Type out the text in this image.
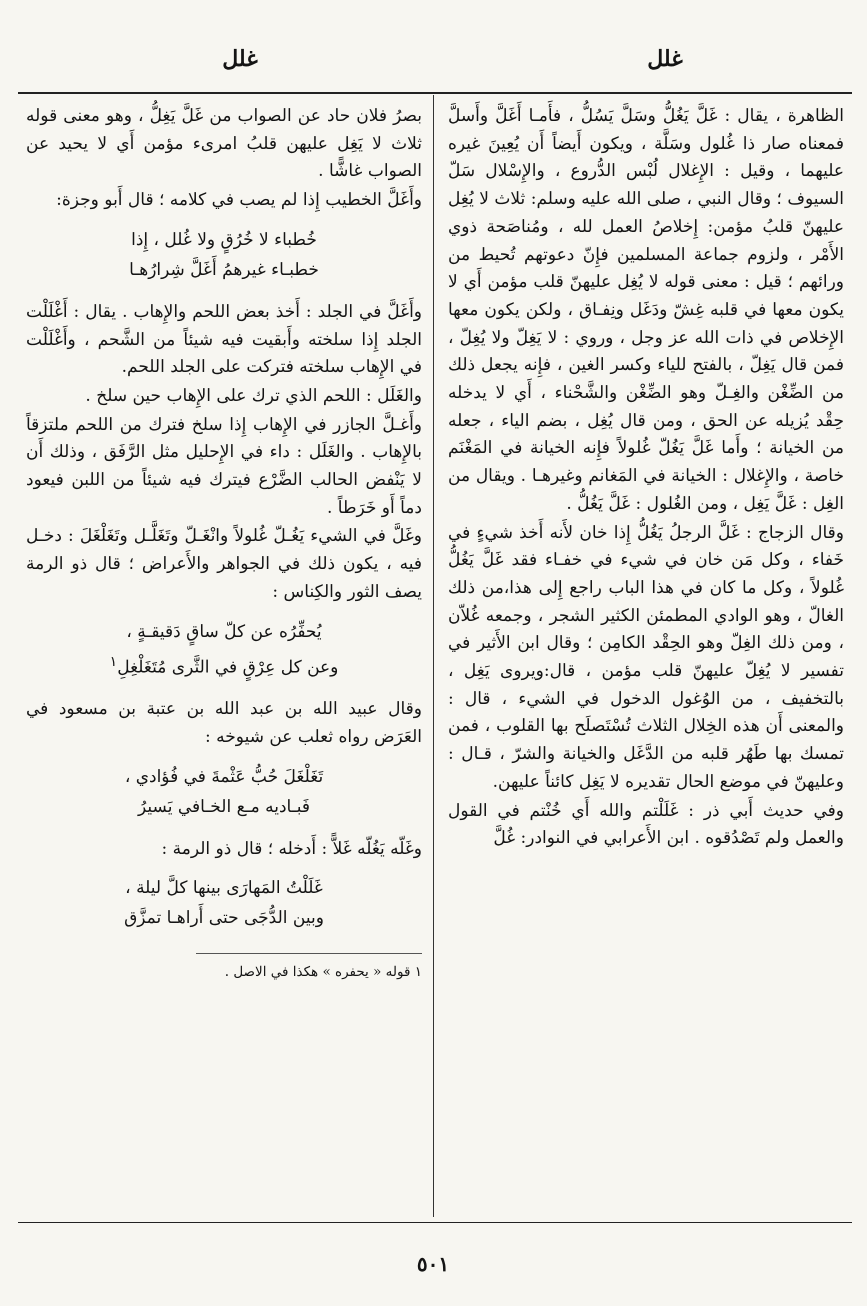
غلل
غلل

الظاهرة ، يقال : غَلَّ يَغُلُّ وسَلَّ يَسُلُّ ، فأَمـا أَغَلَّ وأَسلَّ فمعناه صار ذا غُلول وسَلَّة ، ويكون أَيضاً أَن يُعِينَ غيره عليهما ، وقيل : الإِغلال لُبْس الدُّروع ، والإِسْلال سَلّ السيوف ؛ وقال النبي ، صلى الله عليه وسلم: ثلاث لا يُغِل عليهنّ قلبُ مؤمن: إِخلاصُ العمل لله ، ومُناصَحة ذوي الأَمْر ، ولزوم جماعة المسلمين فإِنّ دعوتهم تُحيط من ورائهم ؛ قيل : معنى قوله لا يُغِل عليهنّ قلب مؤمن أَي لا يكون معها في قلبه غِشّ ودَغَل ونِفـاق ، ولكن يكون معها الإِخلاص في ذات الله عز وجل ، وروي : لا يَغِلّ ولا يُغِلّ ، فمن قال يَغِلّ ، بالفتح للياء وكسر الغين ، فإِنه يجعل ذلك من الضِّغْن والغِـلّ وهو الضِّغْن والشَّحْناء ، أَي لا يدخله حِقْد يُزيله عن الحق ، ومن قال يُغِل ، بضم الياء ، جعله من الخيانة ؛ وأَما غَلَّ يَغُلّ غُلولاً فإِنه الخيانة في المَغْنَم خاصة ، والإِغلال : الخيانة في المَغانم وغيرهـا . ويقال من الغِل : غَلَّ يَغِل ، ومن الغُلول : غَلَّ يَغُلُّ .

وقال الزجاج : غَلَّ الرجلُ يَغُلُّ إِذا خان لأَنه أَخذ شيءٍ في خَفاء ، وكل مَن خان في شيء في خفـاء فقد غَلَّ يَغُلُّ غُلولاً ، وكل ما كان في هذا الباب راجع إِلى هذا،من ذلك الغالّ ، وهو الوادي المطمئن الكثير الشجر ، وجمعه غُلاّن ، ومن ذلك الغِلّ وهو الحِقْد الكامِن ؛ وقال ابن الأَثير في تفسير لا يُغِلّ عليهنّ قلب مؤمن ، قال:ويروى يَغِل ، بالتخفيف ، من الوُغول الدخول في الشيء ، قال : والمعنى أَن هذه الخِلال الثلاث تُسْتَصلَح بها القلوب ، فمن تمسك بها طَهُر قلبه من الدَّغَل والخيانة والشرّ ، قـال : وعليهنّ في موضع الحال تقديره لا يَغِل كائناً عليهن.

وفي حديث أَبي ذر : غَلَلْتم والله أَي خُنْتم في القول والعمل ولم تَصْدُقوه . ابن الأَعرابي في النوادر: غُلَّ

بصرُ فلان حاد عن الصواب من غَلَّ يَغِلُّ ، وهو معنى قوله ثلاث لا يَغِل عليهن قلبُ امرىء مؤمن أَي لا يحيد عن الصواب غاشًّا .

وأَغَلَّ الخطيب إِذا لم يصب في كلامه ؛ قال أَبو وجزة:

خُطباء لا خُرُقٍ ولا غُلل ، إِذا
خطبـاء غيرهمُ أَغَلَّ شِرارُهـا

وأَغَلَّ في الجلد : أَخذ بعض اللحم والإِهاب . يقال : أَغْلَلْت الجلد إِذا سلخته وأَبقيت فيه شيئاً من الشَّحم ، وأَغْلَلْت في الإِهاب سلخته فتركت على الجلد اللحم.

والغَلَل : اللحم الذي ترك على الإِهاب حين سلخ .

وأَغـلَّ الجازر في الإِهاب إِذا سلخ فترك من اللحم ملتزقاً بالإِهاب . والغَلَل : داء في الإِحليل مثل الرَّفَق ، وذلك أَن لا يَنْفض الحالب الضَّرْع فيترك فيه شيئاً من اللبن فيعود دماً أَو خَرَطاً .

وغَلَّ في الشيء يَغُـلّ غُلولاً وانْغَـلّ وتَغَلَّـل وتَغَلْغَلَ : دخـل فيه ، يكون ذلك في الجواهر والأَعراض ؛ قال ذو الرمة يصف الثور والكِناس :

يُحفِّرُه عن كلّ ساقٍ دَقيقـةٍ ،
وعن كل عِرْقٍ في الثَّرى مُتَغَلْغِلِ$^١$

وقال عبيد الله بن عبد الله بن عتبة بن مسعود في العَرَض رواه ثعلب عن شيوخه :

تَغَلْغَلَ حُبُّ عَثْمةَ في فُؤادي ،
فَبـاديه مـع الخـافي يَسيرُ

وغَلّه يَغُلّه غَلاًّ : أَدخله ؛ قال ذو الرمة :

غَلَلْتُ المَهارَى بينها كلَّ ليلة ،
وبين الدُّجَى حتى أَراهـا تمزَّق
١ قوله « يحفره » هكذا في الاصل .
٥٠١
